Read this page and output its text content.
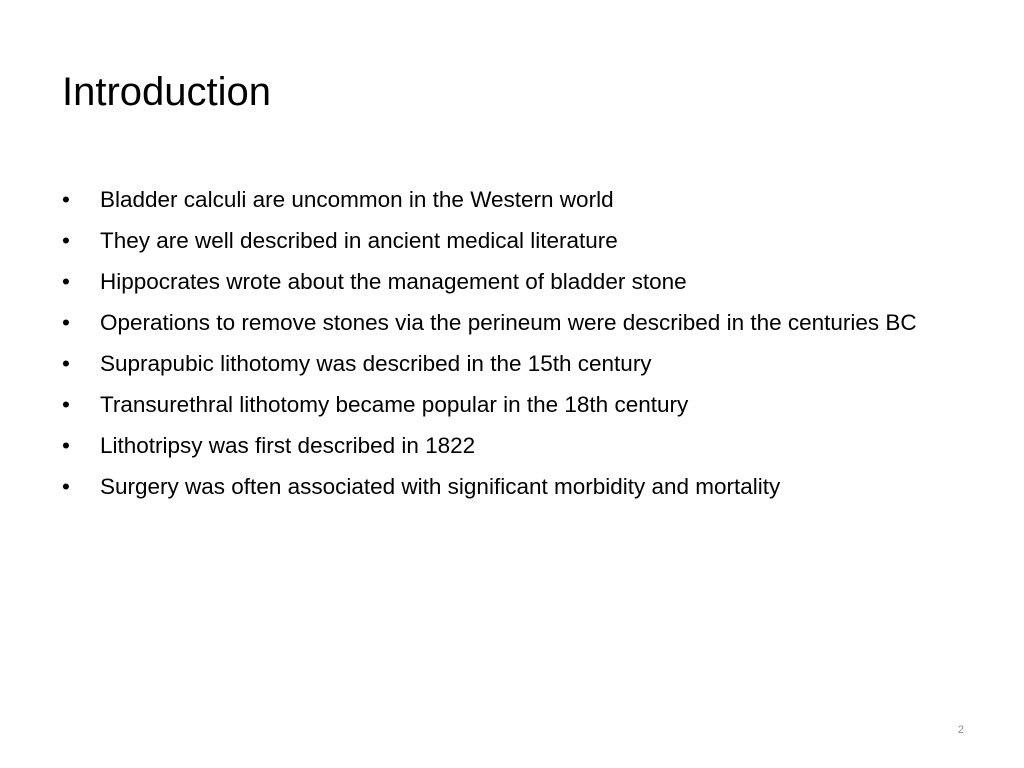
Introduction
•	Bladder calculi are uncommon in the Western world
•	They are well described in ancient medical literature
•	Hippocrates wrote about the management of bladder stone
•	Operations to remove stones via the perineum were described in the centuries BC
•	Suprapubic lithotomy was described in the 15th century
•	Transurethral lithotomy became popular in the 18th century
•	Lithotripsy was first described in 1822
•	Surgery was often associated with significant morbidity and mortality
2
